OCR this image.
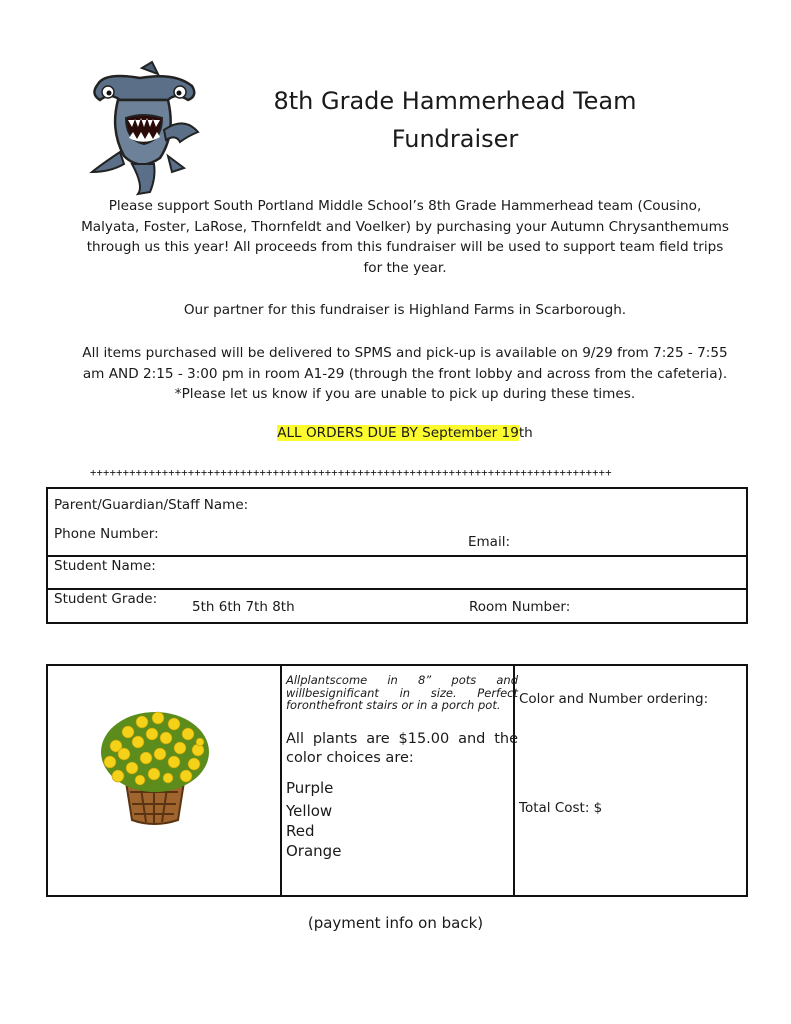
8th Grade Hammerhead Team
Fundraiser
Please support South Portland Middle School’s 8th Grade Hammerhead team (Cousino,
Malyata, Foster, LaRose, Thornfeldt and Voelker) by purchasing your Autumn Chrysanthemums
through us this year! All proceeds from this fundraiser will be used to support team field trips
for the year.
Our partner for this fundraiser is Highland Farms in Scarborough.
All items purchased will be delivered to SPMS and pick-up is available on 9/29 from 7:25 - 7:55
am AND 2:15 - 3:00 pm in room A1-29 (through the front lobby and across from the cafeteria).
*Please let us know if you are unable to pick up during these times.
ALL ORDERS DUE BY September 19th
++++++++++++++++++++++++++++++++++++++++++++++++++++++++++++++++++++++++++++++++
Parent/Guardian/Staff Name:
Phone Number:	Email:
Student Name:
Student Grade:	5th 6th 7th 8th	Room Number:
Allplantscome in 8” pots and willbesignificant in size. Perfect foronthefront stairs or in a porch pot.
All plants are $15.00 and the color choices are:
Purple
Yellow
Red
Orange
Color and Number ordering:
Total Cost: $
(payment info on back)
